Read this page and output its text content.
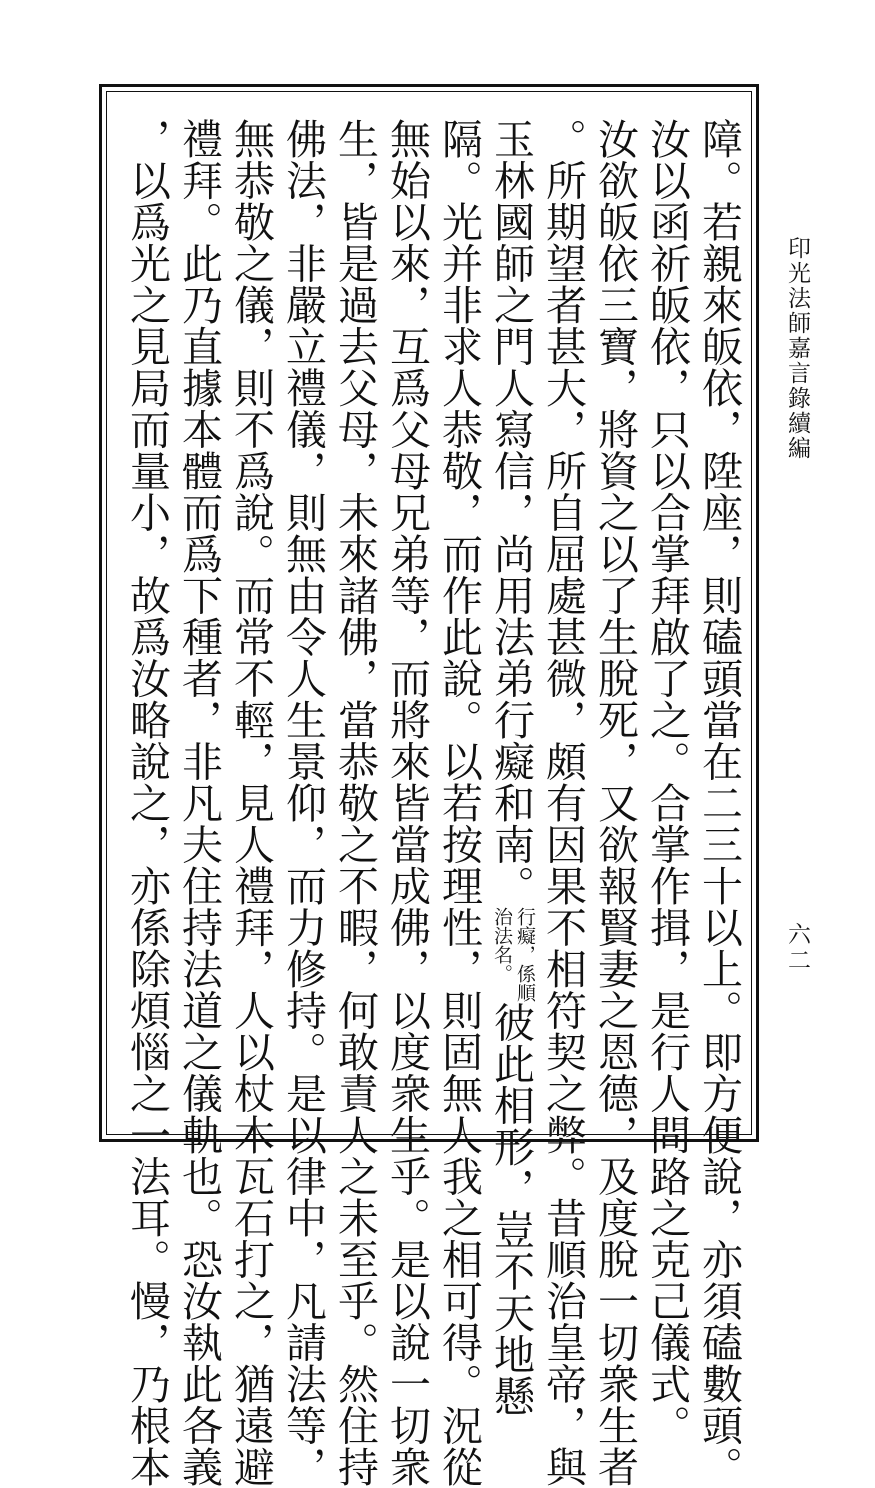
印光法師嘉言錄續編
六二
障。若親來皈依，陞座，則磕頭當在二三十以上。即方便說，亦須磕數頭。
汝以函祈皈依，只以合掌拜啟了之。合掌作揖，是行人問路之克己儀式。
汝欲皈依三寶，將資之以了生脫死，又欲報賢妻之恩德，及度脫一切衆生者
。所期望者甚大，所自屈處甚微，頗有因果不相符契之弊。昔順治皇帝，與
玉林國師之門人寫信，尚用法弟行癡和南。行癡，係順
治法名。彼此相形，豈不天地懸
隔。光并非求人恭敬，而作此說。以若按理性，則固無人我之相可得。況從
無始以來，互爲父母兄弟等，而將來皆當成佛，以度衆生乎。是以說一切衆
生，皆是過去父母，未來諸佛，當恭敬之不暇，何敢責人之未至乎。然住持
佛法，非嚴立禮儀，則無由令人生景仰，而力修持。是以律中，凡請法等，
無恭敬之儀，則不爲說。而常不輕，見人禮拜，人以杖木瓦石打之，猶遠避
禮拜。此乃直據本體而爲下種者，非凡夫住持法道之儀軌也。恐汝執此各義
，以爲光之見局而量小，故爲汝略說之，亦係除煩惱之一法耳。慢，乃根本
